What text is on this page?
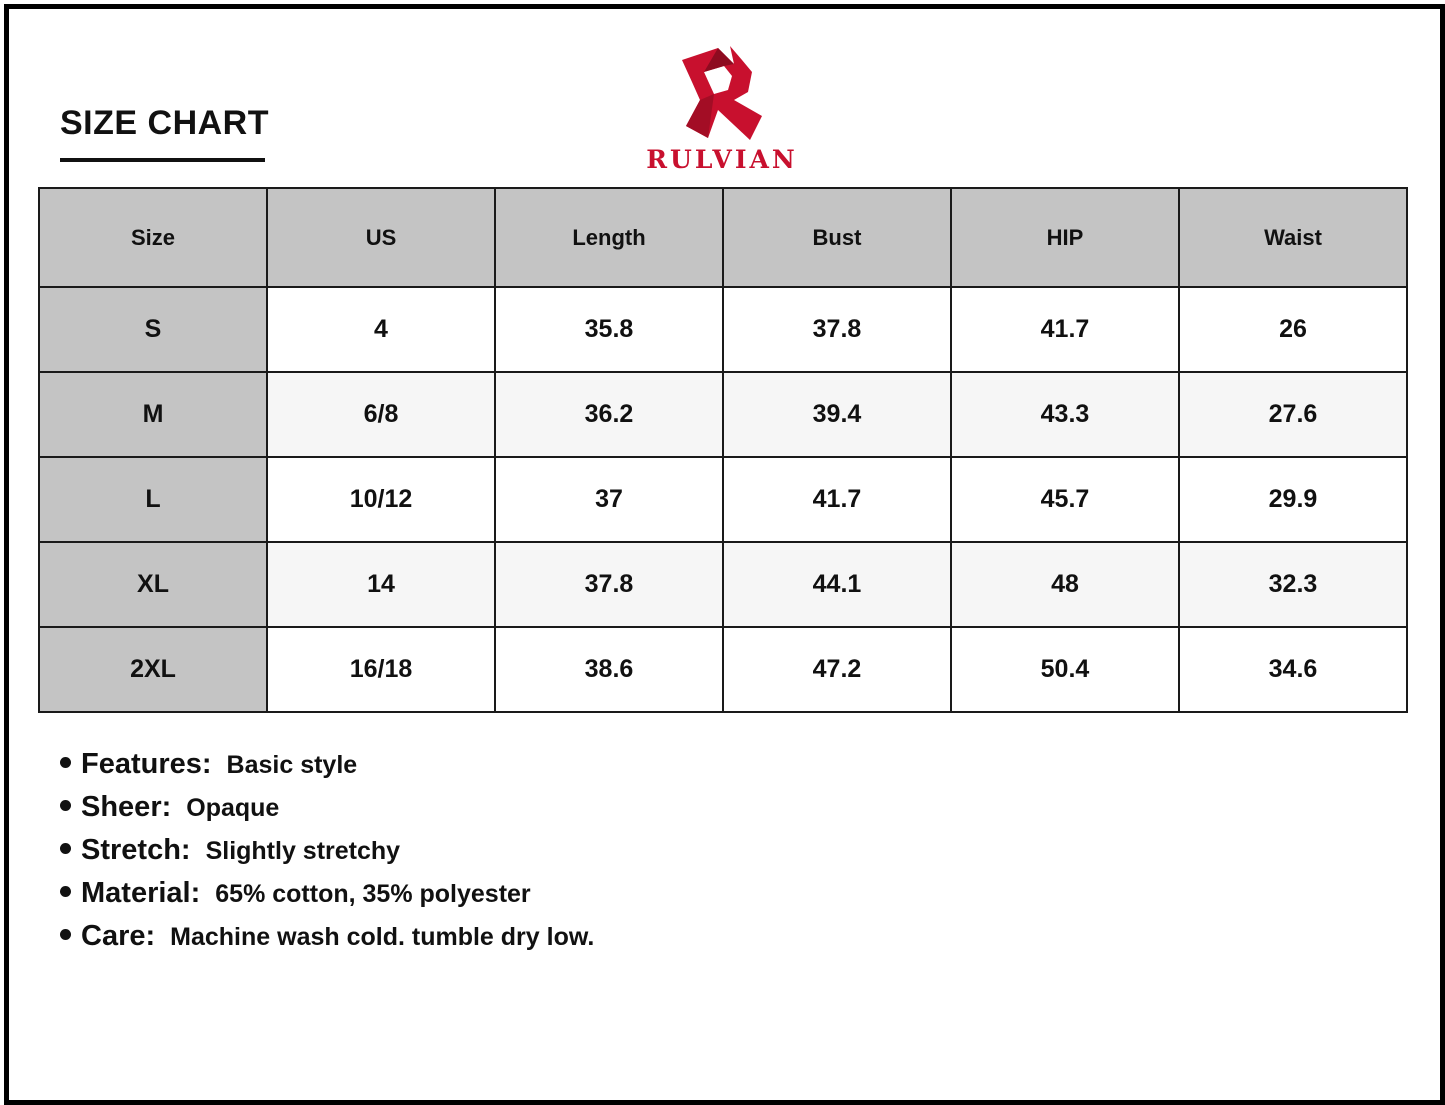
SIZE CHART
RULVIAN
Size	US	Length	Bust	HIP	Waist
S	4	35.8	37.8	41.7	26
M	6/8	36.2	39.4	43.3	27.6
L	10/12	37	41.7	45.7	29.9
XL	14	37.8	44.1	48	32.3
2XL	16/18	38.6	47.2	50.4	34.6
Features: Basic style
Sheer: Opaque
Stretch: Slightly stretchy
Material: 65% cotton, 35% polyester
Care: Machine wash cold. tumble dry low.
